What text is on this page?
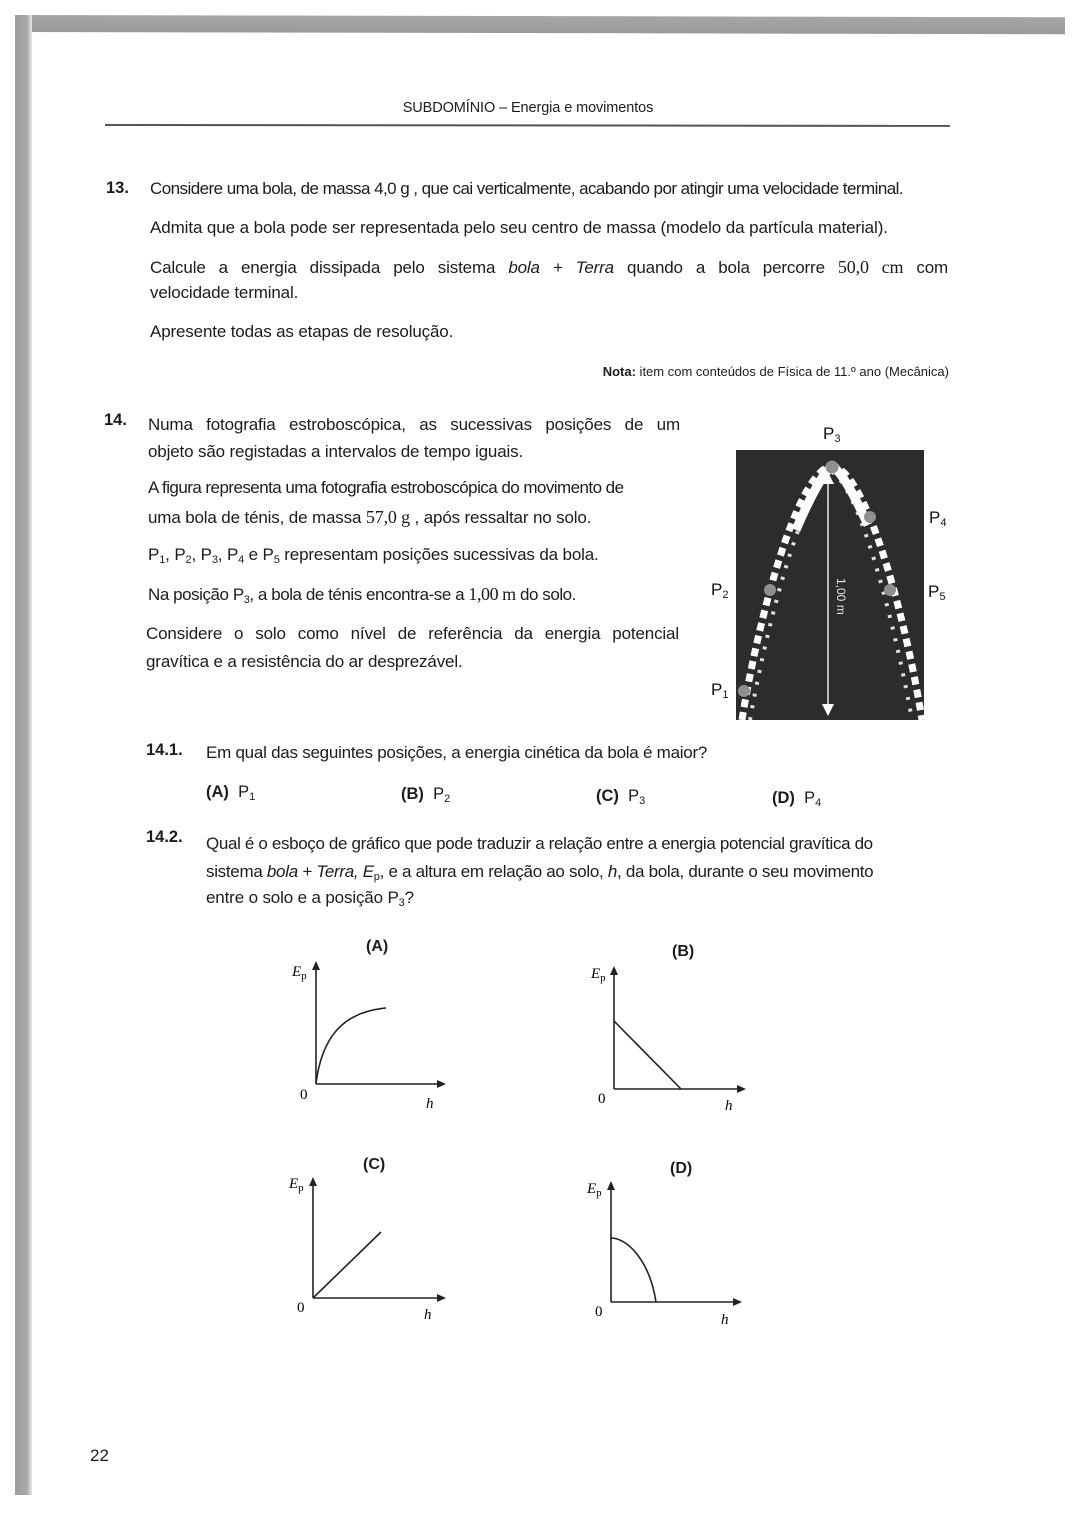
SUBDOMÍNIO – Energia e movimentos
13. Considere uma bola, de massa 4,0 g , que cai verticalmente, acabando por atingir uma velocidade terminal.
Admita que a bola pode ser representada pelo seu centro de massa (modelo da partícula material).
Calcule a energia dissipada pelo sistema bola + Terra quando a bola percorre 50,0 cm com
velocidade terminal.
Apresente todas as etapas de resolução.
Nota: item com conteúdos de Física de 11.º ano (Mecânica)
14. Numa fotografia estroboscópica, as sucessivas posições de um
objeto são registadas a intervalos de tempo iguais.
A figura representa uma fotografia estroboscópica do movimento de
uma bola de ténis, de massa 57,0 g , após ressaltar no solo.
$P_1$, $P_2$, $P_3$, $P_4$ e $P_5$ representam posições sucessivas da bola.
Na posição $P_3$, a bola de ténis encontra-se a 1,00 m do solo.
Considere o solo como nível de referência da energia potencial
gravítica e a resistência do ar desprezável.
1,00 m
$P_3$
$P_4$
$P_2$	$P_5$
$P_1$
14.1. Em qual das seguintes posições, a energia cinética da bola é maior?
(A) $P_1$	(B) $P_2$	(C) $P_3$	(D) $P_4$
14.2. Qual é o esboço de gráfico que pode traduzir a relação entre a energia potencial gravítica do
sistema bola + Terra, $E_p$, e a altura em relação ao solo, h, da bola, durante o seu movimento
entre o solo e a posição $P_3$?
(A)
$E_p$
0
h
(B)
$E_p$
0	h
(C)
$E_p$
0	h
(D)
$E_p$
0	h
22
